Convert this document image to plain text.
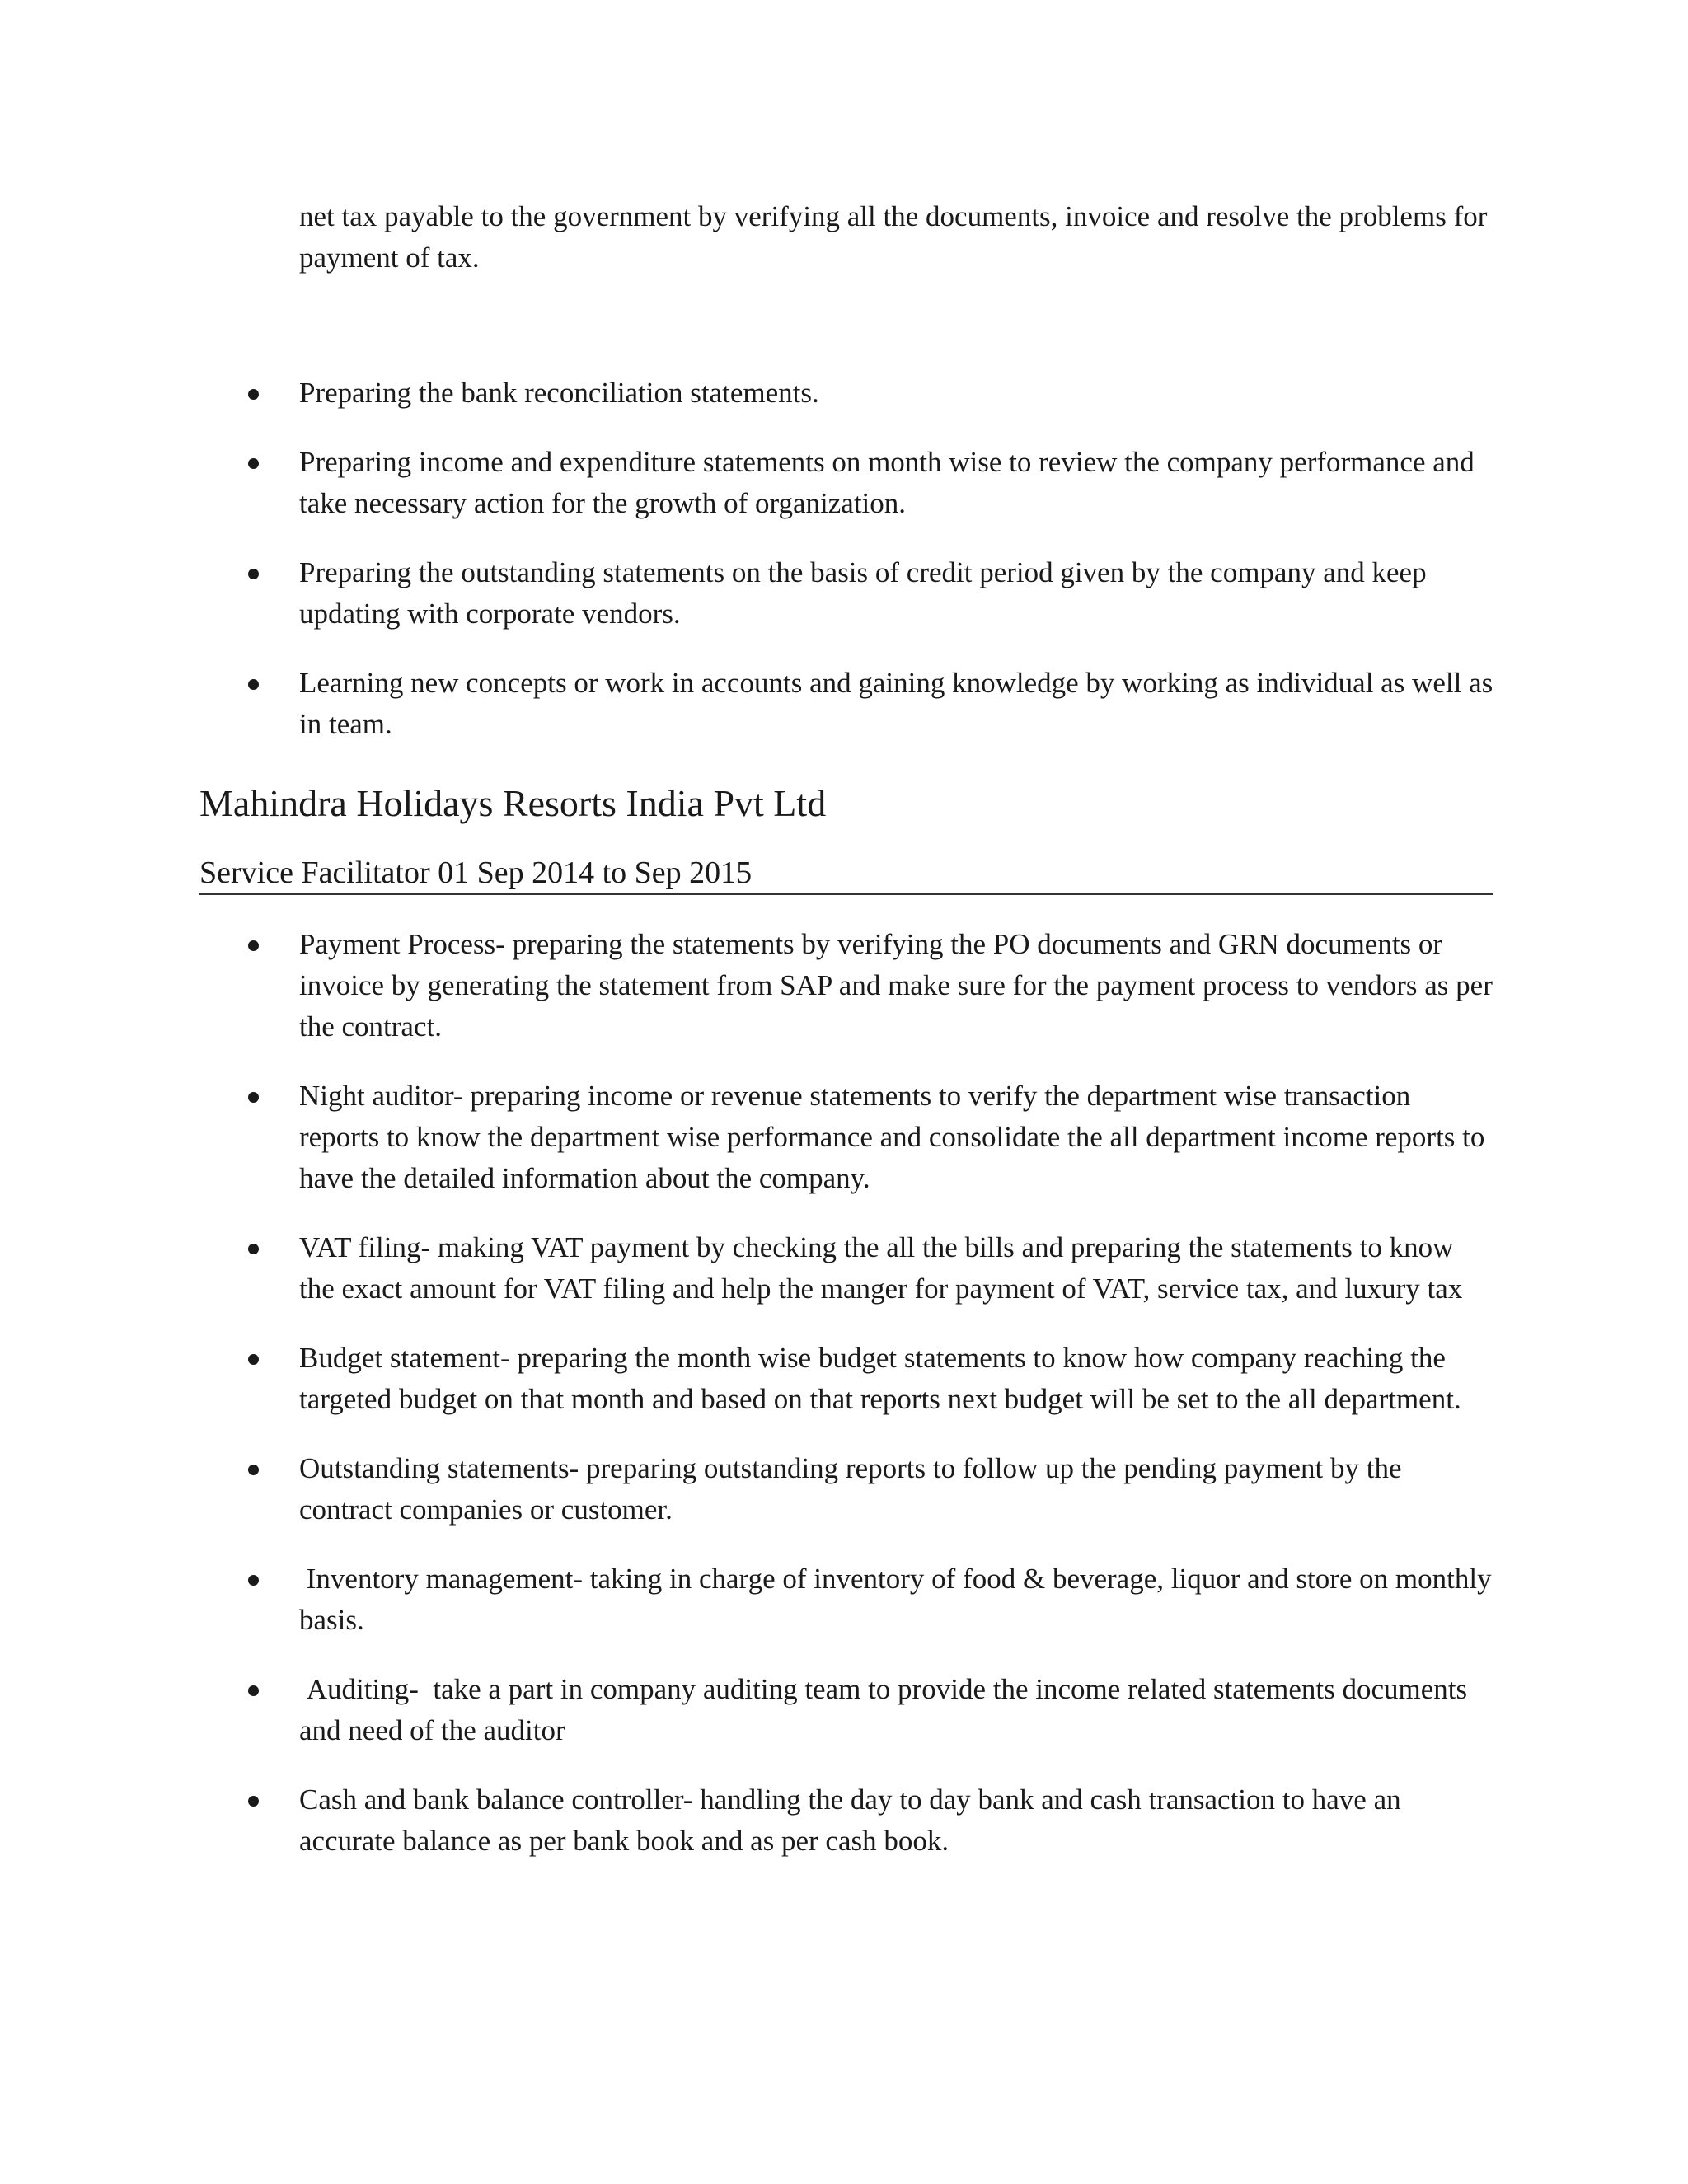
net tax payable to the government by verifying all the documents, invoice and resolve the problems for payment of tax.

Preparing the bank reconciliation statements.
Preparing income and expenditure statements on month wise to review the company performance and take necessary action for the growth of organization.
Preparing the outstanding statements on the basis of credit period given by the company and keep updating with corporate vendors.
Learning new concepts or work in accounts and gaining knowledge by working as individual as well as in team.
Mahindra Holidays Resorts India Pvt Ltd
Service Facilitator 01 Sep 2014 to Sep 2015
Payment Process- preparing the statements by verifying the PO documents and GRN documents or invoice by generating the statement from SAP and make sure for the payment process to vendors as per the contract.
Night auditor- preparing income or revenue statements to verify the department wise transaction reports to know the department wise performance and consolidate the all department income reports to have the detailed information about the company.
VAT filing- making VAT payment by checking the all the bills and preparing the statements to know the exact amount for VAT filing and help the manger for payment of VAT, service tax, and luxury tax
Budget statement- preparing the month wise budget statements to know how company reaching the targeted budget on that month and based on that reports next budget will be set to the all department.
Outstanding statements- preparing outstanding reports to follow up the pending payment by the contract companies or customer.
Inventory management- taking in charge of inventory of food & beverage, liquor and store on monthly basis.
Auditing-  take a part in company auditing team to provide the income related statements documents and need of the auditor
Cash and bank balance controller- handling the day to day bank and cash transaction to have an accurate balance as per bank book and as per cash book.
